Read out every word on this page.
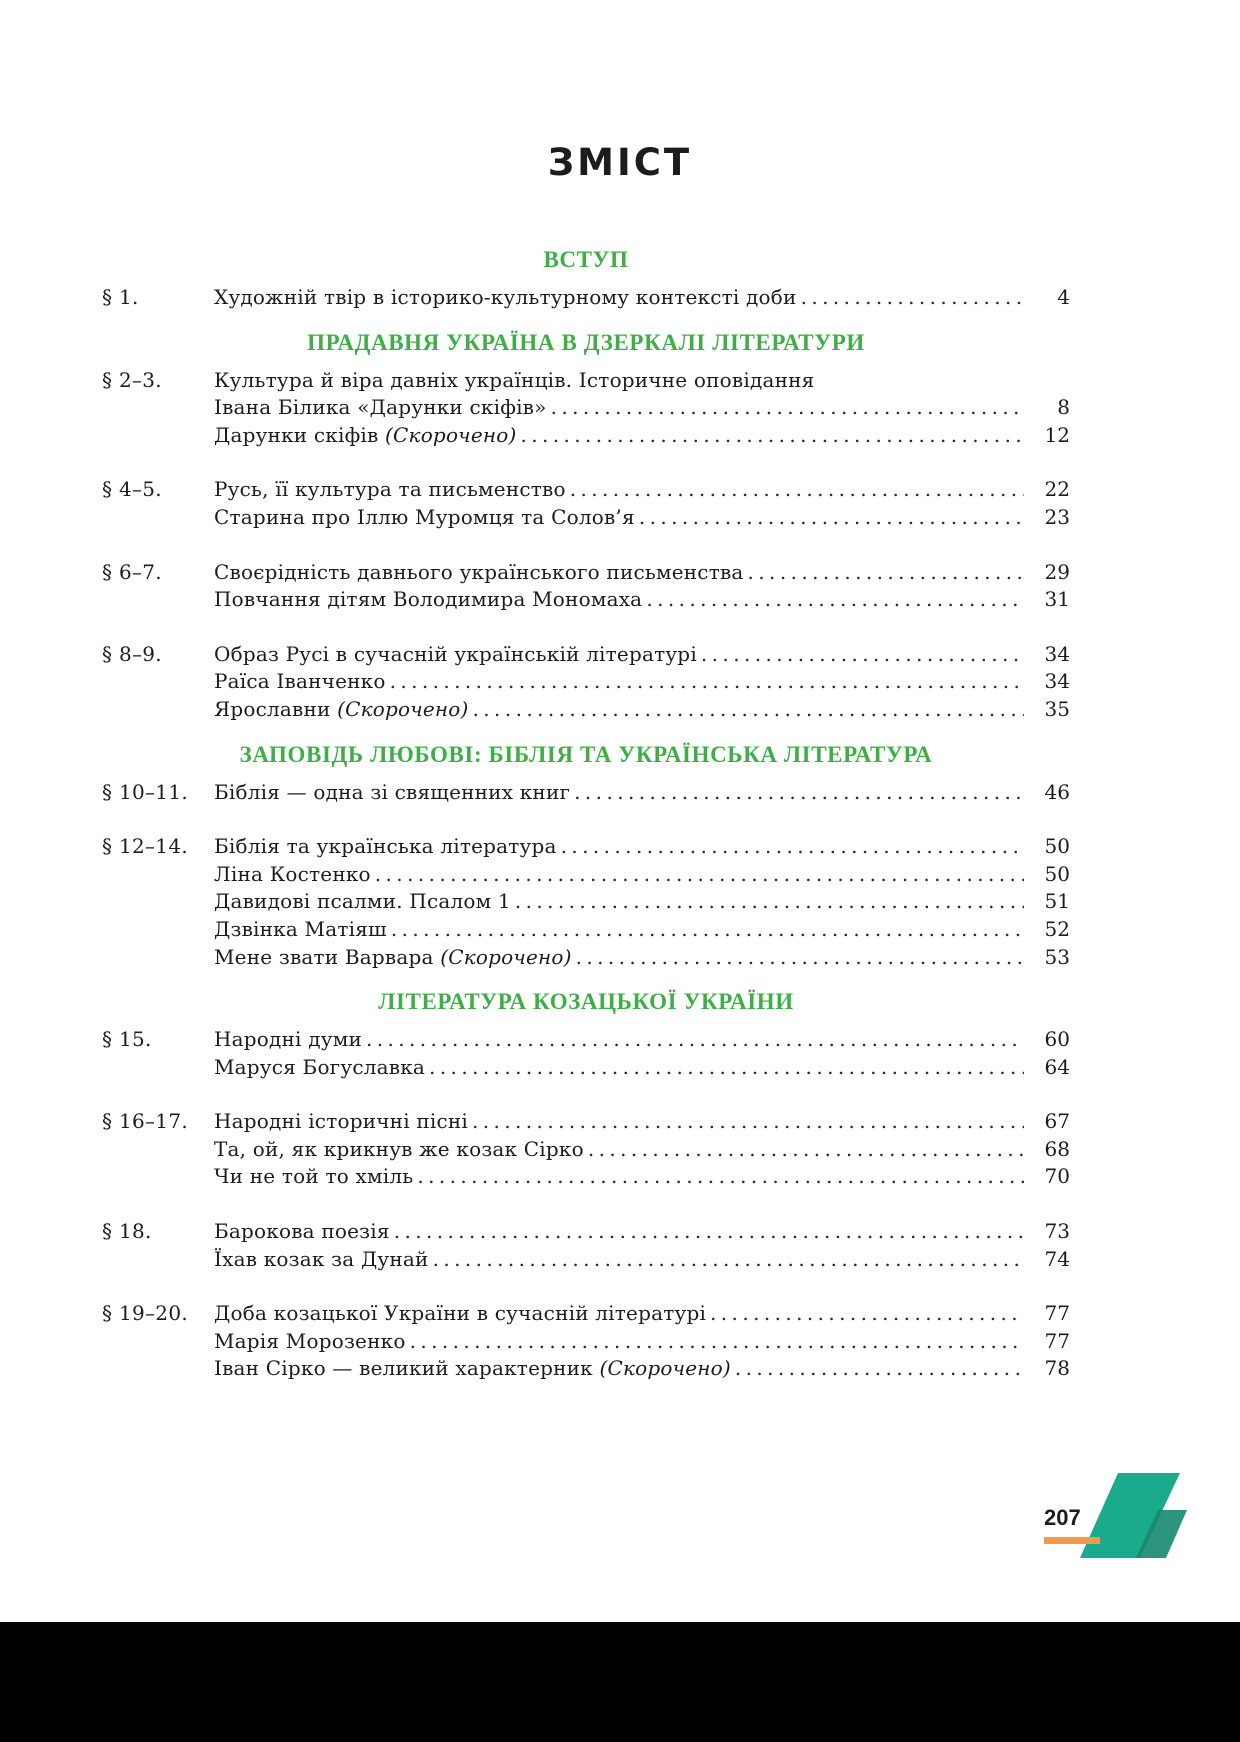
ЗМІСТ
ВСТУП
§ 1.	Художній твір в історико-культурному контексті доби .....	4
ПРАДАВНЯ УКРАЇНА В ДЗЕРКАЛІ ЛІТЕРАТУРИ
§ 2–3.	Культура й віра давніх українців. Історичне оповідання
Івана Білика «Дарунки скіфів» .....	8
Дарунки скіфів (Скорочено) .....	12
§ 4–5.	Русь, її культура та письменство .....	22
Старина про Іллю Муромця та Солов’я .....	23
§ 6–7.	Своєрідність давнього українського письменства .....	29
Повчання дітям Володимира Мономаха .....	31
§ 8–9.	Образ Русі в сучасній українській літературі .....	34
Раїса Іванченко .....	34
Ярославни (Скорочено) .....	35
ЗАПОВІДЬ ЛЮБОВІ: БІБЛІЯ ТА УКРАЇНСЬКА ЛІТЕРАТУРА
§ 10–11.	Біблія — одна зі священних книг .....	46
§ 12–14.	Біблія та українська література .....	50
Ліна Костенко .....	50
Давидові псалми. Псалом 1 .....	51
Дзвінка Матіяш .....	52
Мене звати Варвара (Скорочено) .....	53
ЛІТЕРАТУРА КОЗАЦЬКОЇ УКРАЇНИ
§ 15.	Народні думи .....	60
Маруся Богуславка .....	64
§ 16–17.	Народні історичні пісні .....	67
Та, ой, як крикнув же козак Сірко .....	68
Чи не той то хміль .....	70
§ 18.	Барокова поезія .....	73
Їхав козак за Дунай .....	74
§ 19–20.	Доба козацької України в сучасній літературі .....	77
Марія Морозенко .....	77
Іван Сірко — великий характерник (Скорочено) .....	78
207
